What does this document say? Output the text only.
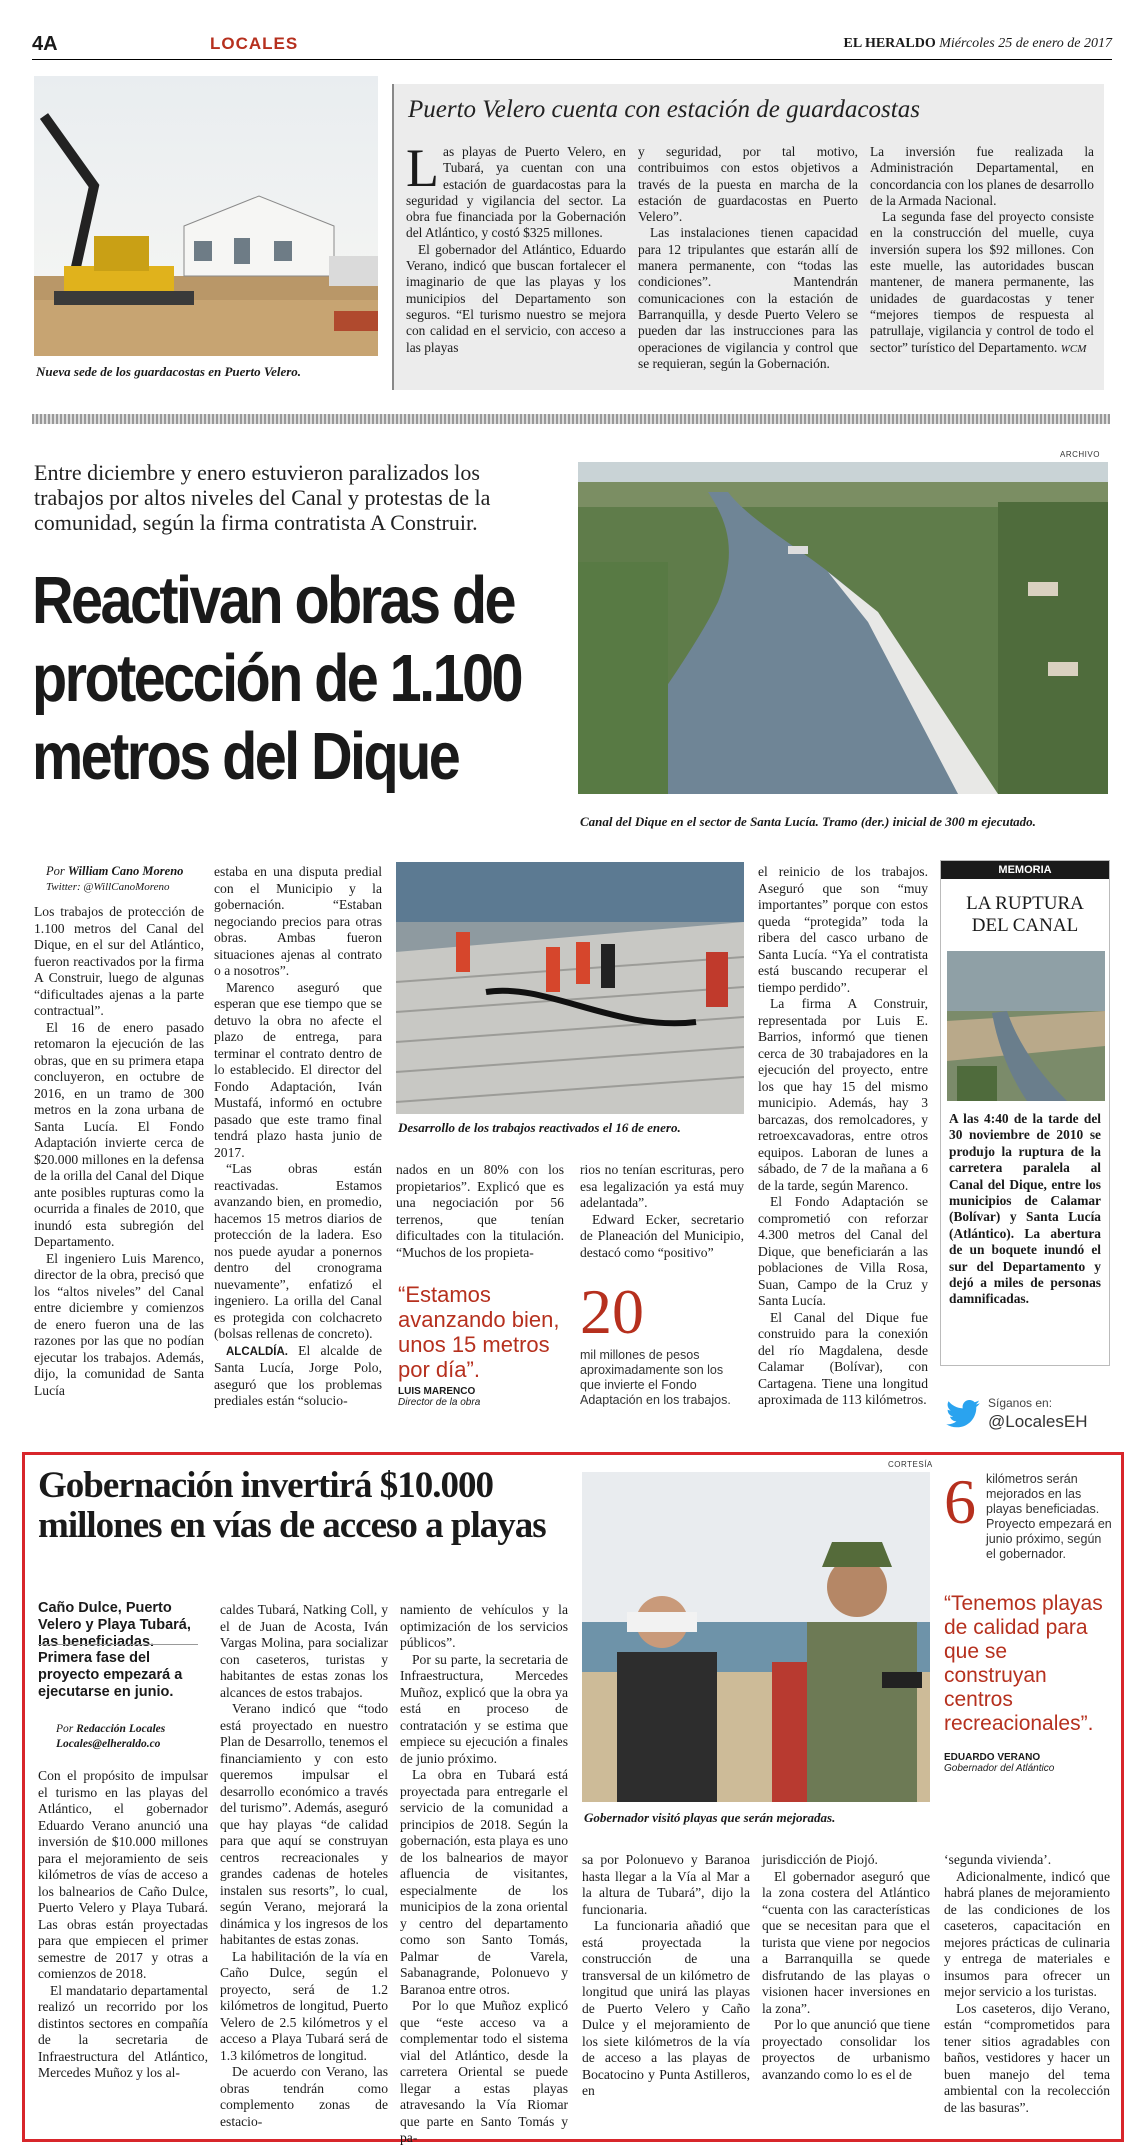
4A	LOCALES	EL HERALDO Miércoles 25 de enero de 2017
Nueva sede de los guardacostas en Puerto Velero.
Puerto Velero cuenta con estación de guardacostas

Las playas de Puerto Velero, en Tubará, ya cuentan con una estación de guardacostas para la seguridad y vigilancia del sector. La obra fue financiada por la Gobernación del Atlántico, y costó $325 millones.

El gobernador del Atlántico, Eduardo Verano, indicó que buscan fortalecer el imaginario de que las playas y los municipios del Departamento son seguros. “El turismo nuestro se mejora con calidad en el servicio, con acceso a las playas

y seguridad, por tal motivo, contribuimos con estos objetivos a través de la puesta en marcha de la estación de guardacostas en Puerto Velero”.

Las instalaciones tienen capacidad para 12 tripulantes que estarán allí de manera permanente, con “todas las condiciones”. Mantendrán comunicaciones con la estación de Barranquilla, y desde Puerto Velero se pueden dar las instrucciones para las operaciones de vigilancia y control que se requieran, según la Gobernación.

La inversión fue realizada la Administración Departamental, en concordancia con los planes de desarrollo de la Armada Nacional.

La segunda fase del proyecto consiste en la construcción del muelle, cuya inversión supera los $92 millones. Con este muelle, las autoridades buscan mantener, de manera permanente, las unidades de guardacostas y tener “mejores tiempos de respuesta al patrullaje, vigilancia y control de todo el sector” turístico del Departamento. WCM

Entre diciembre y enero estuvieron paralizados los trabajos por altos niveles del Canal y protestas de la comunidad, según la firma contratista A Construir.
Reactivan obras de protección de 1.100 metros del Dique
ARCHIVO
Canal del Dique en el sector de Santa Lucía. Tramo (der.) inicial de 300 m ejecutado.
Por William Cano Moreno
Twitter: @WillCanoMoreno

Los trabajos de protección de 1.100 metros del Canal del Dique, en el sur del Atlántico, fueron reactivados por la firma A Construir, luego de algunas “dificultades ajenas a la parte contractual”.

El 16 de enero pasado retomaron la ejecución de las obras, que en su primera etapa concluyeron, en octubre de 2016, en un tramo de 300 metros en la zona urbana de Santa Lucía. El Fondo Adaptación invierte cerca de $20.000 millones en la defensa de la orilla del Canal del Dique ante posibles rupturas como la ocurrida a finales de 2010, que inundó esta subregión del Departamento.

El ingeniero Luis Marenco, director de la obra, precisó que los “altos niveles” del Canal entre diciembre y comienzos de enero fueron una de las razones por las que no podían ejecutar los trabajos. Además, dijo, la comunidad de Santa Lucía

estaba en una disputa predial con el Municipio y la gobernación. “Estaban negociando precios para otras obras. Ambas fueron situaciones ajenas al contrato o a nosotros”.

Marenco aseguró que esperan que ese tiempo que se detuvo la obra no afecte el plazo de entrega, para terminar el contrato dentro de lo establecido. El director del Fondo Adaptación, Iván Mustafá, informó en octubre pasado que este tramo final tendrá plazo hasta junio de 2017.

“Las obras están reactivadas. Estamos avanzando bien, en promedio, hacemos 15 metros diarios de protección de la ladera. Eso nos puede ayudar a ponernos dentro del cronograma nuevamente”, enfatizó el ingeniero. La orilla del Canal es protegida con colchacreto (bolsas rellenas de concreto).

ALCALDÍA. El alcalde de Santa Lucía, Jorge Polo, aseguró que los problemas prediales están “solucio-

Desarrollo de los trabajos reactivados el 16 de enero.

nados en un 80% con los propietarios”. Explicó que es una negociación por 56 terrenos, que tenían dificultades con la titulación. “Muchos de los propieta-

rios no tenían escrituras, pero esa legalización ya está muy adelantada”.

Edward Ecker, secretario de Planeación del Municipio, destacó como “positivo”

“Estamos avanzando bien, unos 15 metros por día”.
LUIS MARENCO
Director de la obra
20
mil millones de pesos aproximadamente son los que invierte el Fondo Adaptación en los trabajos.

el reinicio de los trabajos. Aseguró que son “muy importantes” porque con estos queda “protegida” toda la ribera del casco urbano de Santa Lucía. “Ya el contratista está buscando recuperar el tiempo perdido”.

La firma A Construir, representada por Luis E. Barrios, informó que tienen cerca de 30 trabajadores en la ejecución del proyecto, entre los que hay 15 del mismo municipio. Además, hay 3 barcazas, dos remolcadores, y retroexcavadoras, entre otros equipos. Laboran de lunes a sábado, de 7 de la mañana a 6 de la tarde, según Marenco.

El Fondo Adaptación se comprometió con reforzar 4.300 metros del Canal del Dique, que beneficiarán a las poblaciones de Villa Rosa, Suan, Campo de la Cruz y Santa Lucía.

El Canal del Dique fue construido para la conexión del río Magdalena, desde Calamar (Bolívar), con Cartagena. Tiene una longitud aproximada de 113 kilómetros.

MEMORIA
LA RUPTURA DEL CANAL
A las 4:40 de la tarde del 30 noviembre de 2010 se produjo la ruptura de la carretera paralela al Canal del Dique, entre los municipios de Calamar (Bolívar) y Santa Lucía (Atlántico). La abertura de un boquete inundó el sur del Departamento y dejó a miles de personas damnificadas.
Síganos en:
@LocalesEH
Gobernación invertirá $10.000 millones en vías de acceso a playas
CORTESÍA
Gobernador visitó playas que serán mejoradas.
Caño Dulce, Puerto Velero y Playa Tubará, las beneficiadas.
Primera fase del proyecto empezará a ejecutarse en junio.
Por Redacción Locales
Locales@elheraldo.co

Con el propósito de impulsar el turismo en las playas del Atlántico, el gobernador Eduardo Verano anunció una inversión de $10.000 millones para el mejoramiento de seis kilómetros de vías de acceso a los balnearios de Caño Dulce, Puerto Velero y Playa Tubará. Las obras están proyectadas para que empiecen el primer semestre de 2017 y otras a comienzos de 2018.

El mandatario departamental realizó un recorrido por los distintos sectores en compañía de la secretaria de Infraestructura del Atlántico, Mercedes Muñoz y los al-

caldes Tubará, Natking Coll, y el de Juan de Acosta, Iván Vargas Molina, para socializar con caseteros, turistas y habitantes de estas zonas los alcances de estos trabajos.

Verano indicó que “todo está proyectado en nuestro Plan de Desarrollo, tenemos el financiamiento y con esto queremos impulsar el desarrollo económico a través del turismo”. Además, aseguró que hay playas “de calidad para que aquí se construyan centros recreacionales y grandes cadenas de hoteles instalen sus resorts”, lo cual, según Verano, mejorará la dinámica y los ingresos de los habitantes de estas zonas.

La habilitación de la vía en Caño Dulce, según el proyecto, será de 1.2 kilómetros de longitud, Puerto Velero de 2.5 kilómetros y el acceso a Playa Tubará será de 1.3 kilómetros de longitud.

De acuerdo con Verano, las obras tendrán como complemento zonas de estacio-

namiento de vehículos y la optimización de los servicios públicos”.

Por su parte, la secretaria de Infraestructura, Mercedes Muñoz, explicó que la obra ya está en proceso de contratación y se estima que empiece su ejecución a finales de junio próximo.

La obra en Tubará está proyectada para entregarle el servicio de la comunidad a principios de 2018. Según la gobernación, esta playa es uno de los balnearios de mayor afluencia de visitantes, especialmente de los municipios de la zona oriental y centro del departamento como son Santo Tomás, Palmar de Varela, Sabanagrande, Polonuevo y Baranoa entre otros.

Por lo que Muñoz explicó que “este acceso va a complementar todo el sistema vial del Atlántico, desde la carretera Oriental se puede llegar a estas playas atravesando la Vía Riomar que parte en Santo Tomás y pa-

sa por Polonuevo y Baranoa hasta llegar a la Vía al Mar a la altura de Tubará”, dijo la funcionaria.

La funcionaria añadió que está proyectada la construcción de una transversal de un kilómetro de longitud que unirá las playas de Puerto Velero y Caño Dulce y el mejoramiento de los siete kilómetros de la vía de acceso a las playas de Bocatocino y Punta Astilleros, en

jurisdicción de Piojó.

El gobernador aseguró que la zona costera del Atlántico “cuenta con las características que se necesitan para que el turista que viene por negocios a Barranquilla se quede disfrutando de las playas o visionen hacer inversiones en la zona”.

Por lo que anunció que tiene proyectado consolidar los proyectos de urbanismo avanzando como lo es el de

6 kilómetros serán mejorados en las playas beneficiadas. Proyecto empezará en junio próximo, según el gobernador.
“Tenemos playas de calidad para que se construyan centros recreacionales”.
EDUARDO VERANO
Gobernador del Atlántico

‘segunda vivienda’.

Adicionalmente, indicó que habrá planes de mejoramiento de las condiciones de los caseteros, capacitación en mejores prácticas de culinaria y entrega de materiales e insumos para ofrecer un mejor servicio a los turistas.

Los caseteros, dijo Verano, están “comprometidos para tener sitios agradables con baños, vestidores y hacer un buen manejo del tema ambiental con la recolección de las basuras”.
